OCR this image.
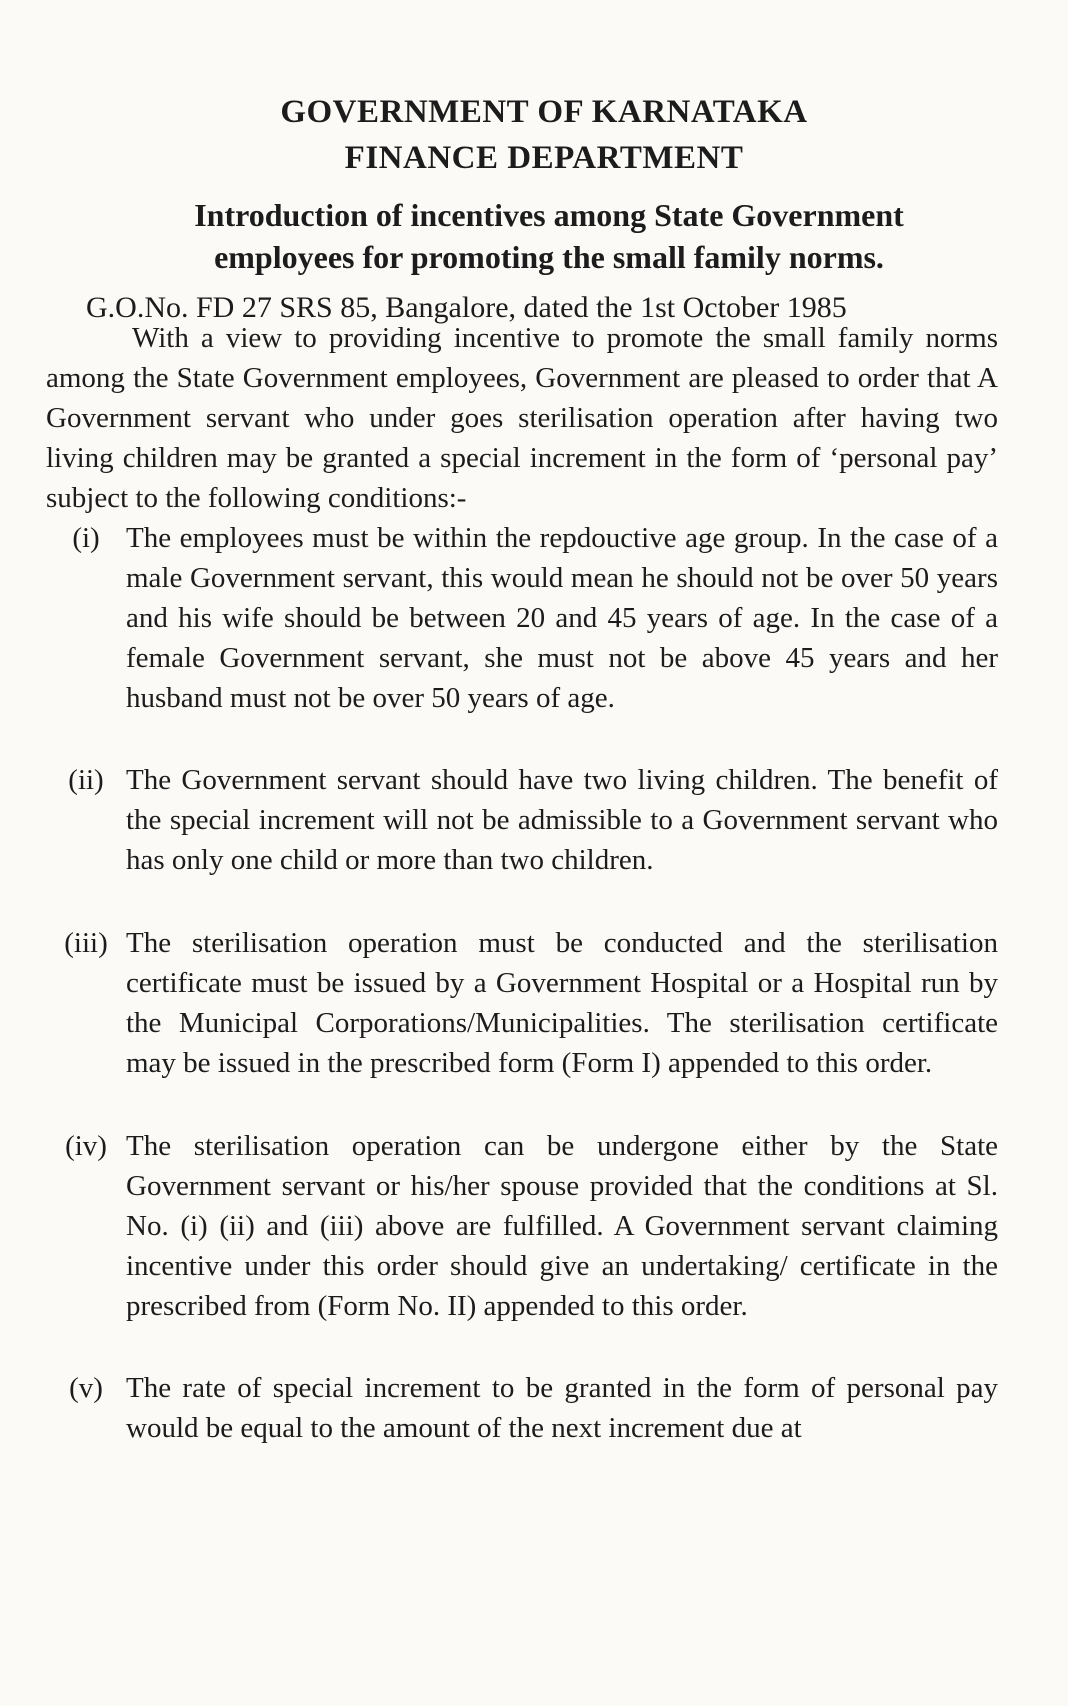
GOVERNMENT OF KARNATAKA
FINANCE DEPARTMENT
Introduction of incentives among State Government employees for promoting the small family norms.
G.O.No. FD 27 SRS 85, Bangalore, dated the 1st October 1985
With a view to providing incentive to promote the small family norms among the State Government employees, Government are pleased to order that A Government servant who under goes sterilisation operation after having two living children may be granted a special increment in the form of ‘personal pay’ subject to the following conditions:-
(i) The employees must be within the repdouctive age group. In the case of a male Government servant, this would mean he should not be over 50 years and his wife should be between 20 and 45 years of age. In the case of a female Government servant, she must not be above 45 years and her husband must not be over 50 years of age.
(ii) The Government servant should have two living children. The benefit of the special increment will not be admissible to a Government servant who has only one child or more than two children.
(iii) The sterilisation operation must be conducted and the sterilisation certificate must be issued by a Government Hospital or a Hospital run by the Municipal Corporations/Municipalities. The sterilisation certificate may be issued in the prescribed form (Form I) appended to this order.
(iv) The sterilisation operation can be undergone either by the State Government servant or his/her spouse provided that the conditions at Sl. No. (i) (ii) and (iii) above are fulfilled. A Government servant claiming incentive under this order should give an undertaking/ certificate in the prescribed from (Form No. II) appended to this order.
(v) The rate of special increment to be granted in the form of personal pay would be equal to the amount of the next increment due at
